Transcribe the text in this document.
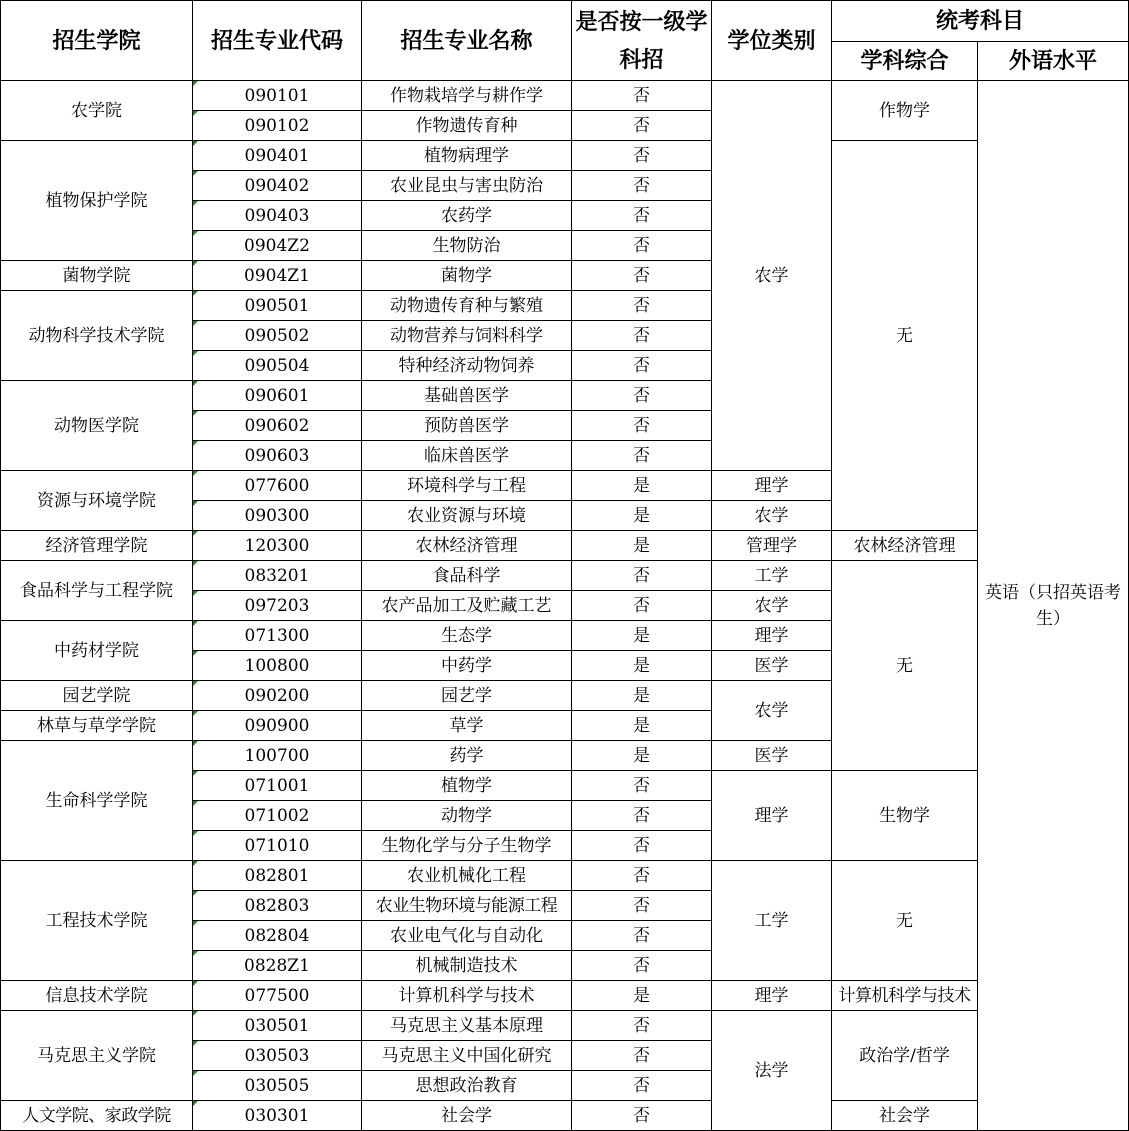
招生学院	招生专业代码	招生专业名称	是否按一级学科招	学位类别	统考科目	
					学科综合	外语水平
农学院	090101	作物栽培学与耕作学	否	农学	作物学	英语（只招英语考生）
	090102	作物遗传育种	否			
植物保护学院	090401	植物病理学	否		无	
	090402	农业昆虫与害虫防治	否			
	090403	农药学	否			
	0904Z2	生物防治	否			
菌物学院	0904Z1	菌物学	否			
动物科学技术学院	090501	动物遗传育种与繁殖	否			
	090502	动物营养与饲料科学	否			
	090504	特种经济动物饲养	否			
动物医学院	090601	基础兽医学	否			
	090602	预防兽医学	否			
	090603	临床兽医学	否			
资源与环境学院	077600	环境科学与工程	是	理学		
	090300	农业资源与环境	是	农学		
经济管理学院	120300	农林经济管理	是	管理学	农林经济管理	
食品科学与工程学院	083201	食品科学	否	工学	无	
	097203	农产品加工及贮藏工艺	否	农学		
中药材学院	071300	生态学	是	理学		
	100800	中药学	是	医学		
园艺学院	090200	园艺学	是	农学		
林草与草学学院	090900	草学	是			
生命科学学院	100700	药学	是	医学		
	071001	植物学	否	理学	生物学	
	071002	动物学	否			
	071010	生物化学与分子生物学	否			
工程技术学院	082801	农业机械化工程	否	工学	无	
	082803	农业生物环境与能源工程	否			
	082804	农业电气化与自动化	否			
	0828Z1	机械制造技术	否			
信息技术学院	077500	计算机科学与技术	是	理学	计算机科学与技术	
马克思主义学院	030501	马克思主义基本原理	否	法学	政治学/哲学	
	030503	马克思主义中国化研究	否			
	030505	思想政治教育	否			
人文学院、家政学院	030301	社会学	否		社会学	
